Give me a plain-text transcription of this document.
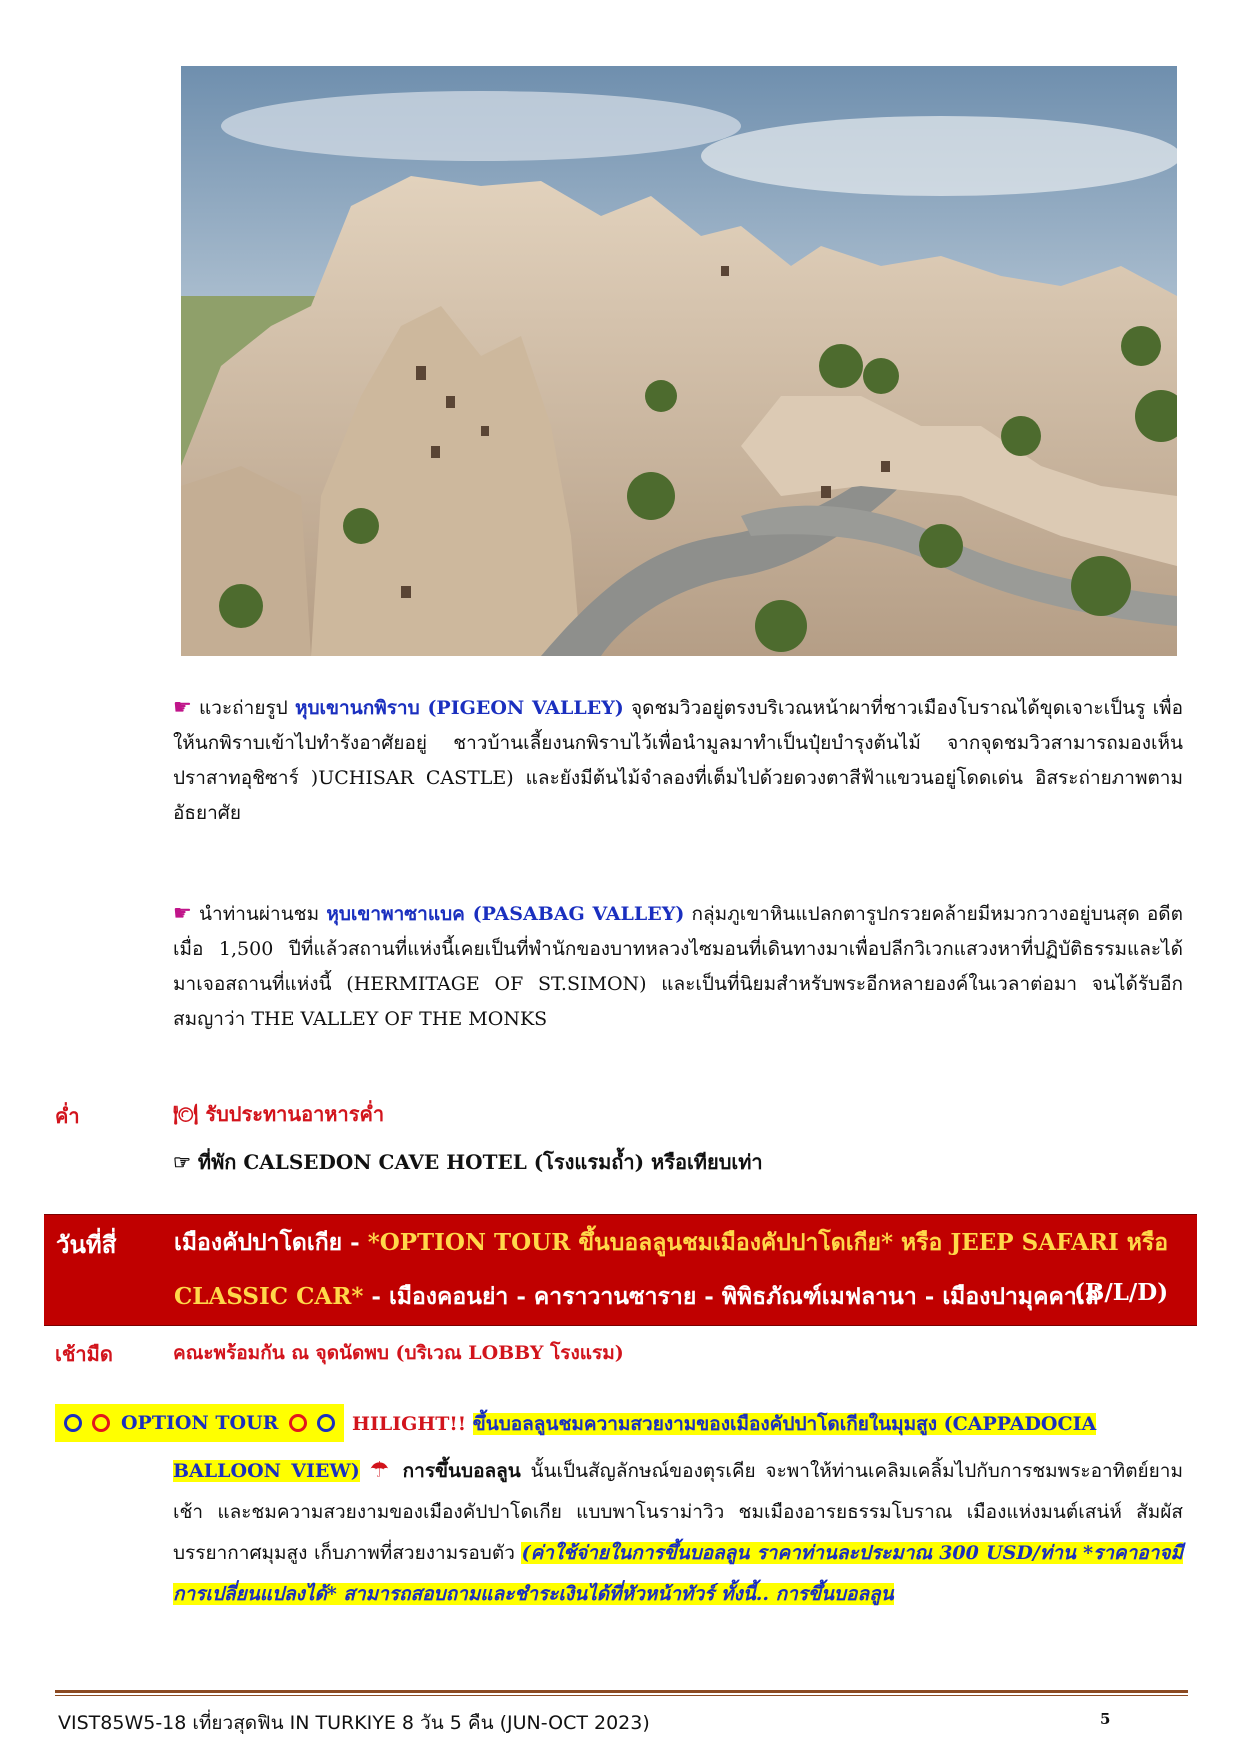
☛ แวะถ่ายรูป หุบเขานกพิราบ (PIGEON VALLEY) จุดชมวิวอยู่ตรงบริเวณหน้าผาที่ชาวเมืองโบราณได้ขุดเจาะเป็นรู เพื่อให้นกพิราบเข้าไปทำรังอาศัยอยู่ ชาวบ้านเลี้ยงนกพิราบไว้เพื่อนำมูลมาทำเป็นปุ๋ยบำรุงต้นไม้ จากจุดชมวิวสามารถมองเห็นปราสาทอุชิซาร์ )UCHISAR CASTLE) และยังมีต้นไม้จำลองที่เต็มไปด้วยดวงตาสีฟ้าแขวนอยู่โดดเด่น อิสระถ่ายภาพตามอัธยาศัย

☛ นำท่านผ่านชม หุบเขาพาซาแบค (PASABAG VALLEY) กลุ่มภูเขาหินแปลกตารูปกรวยคล้ายมีหมวกวางอยู่บนสุด อดีตเมื่อ 1,500 ปีที่แล้วสถานที่แห่งนี้เคยเป็นที่พำนักของบาทหลวงไซมอนที่เดินทางมาเพื่อปลีกวิเวกแสวงหาที่ปฏิบัติธรรมและได้มาเจอสถานที่แห่งนี้ (HERMITAGE OF ST.SIMON) และเป็นที่นิยมสำหรับพระอีกหลายองค์ในเวลาต่อมา จนได้รับอีกสมญาว่า THE VALLEY OF THE MONKS

ค่ำ	🍽 รับประทานอาหารค่ำ
☞ ที่พัก CALSEDON CAVE HOTEL (โรงแรมถ้ำ) หรือเทียบเท่า
วันที่สี่	เมืองคัปปาโดเกีย - *OPTION TOUR ขึ้นบอลลูนชมเมืองคัปปาโดเกีย* หรือ JEEP SAFARI หรือ
CLASSIC CAR* - เมืองคอนย่า - คาราวานซาราย - พิพิธภัณฑ์เมฟลานา - เมืองปามุคคาเล่
(B/L/D)
เช้ามืด	คณะพร้อมกัน ณ จุดนัดพบ (บริเวณ LOBBY โรงแรม)
OPTION TOUR	HILIGHT!! ขึ้นบอลลูนชมความสวยงามของเมืองคัปปาโดเกียในมุมสูง (CAPPADOCIA

BALLOON VIEW) ☂ การขึ้นบอลลูน นั้นเป็นสัญลักษณ์ของตุรเคีย จะพาให้ท่านเคลิมเคลิ้มไปกับการชมพระอาทิตย์ยามเช้า และชมความสวยงามของเมืองคัปปาโดเกีย แบบพาโนราม่าวิว ชมเมืองอารยธรรมโบราณ เมืองแห่งมนต์เสน่ห์ สัมผัสบรรยากาศมุมสูง เก็บภาพที่สวยงามรอบตัว (ค่าใช้จ่ายในการขึ้นบอลลูน ราคาท่านละประมาณ 300 USD/ท่าน *ราคาอาจมีการเปลี่ยนแปลงได้* สามารถสอบถามและชำระเงินได้ที่หัวหน้าทัวร์ ทั้งนี้.. การขึ้นบอลลูน

VIST85W5-18 เที่ยวสุดฟิน IN TURKIYE 8 วัน 5 คืน (JUN-OCT 2023)	5
